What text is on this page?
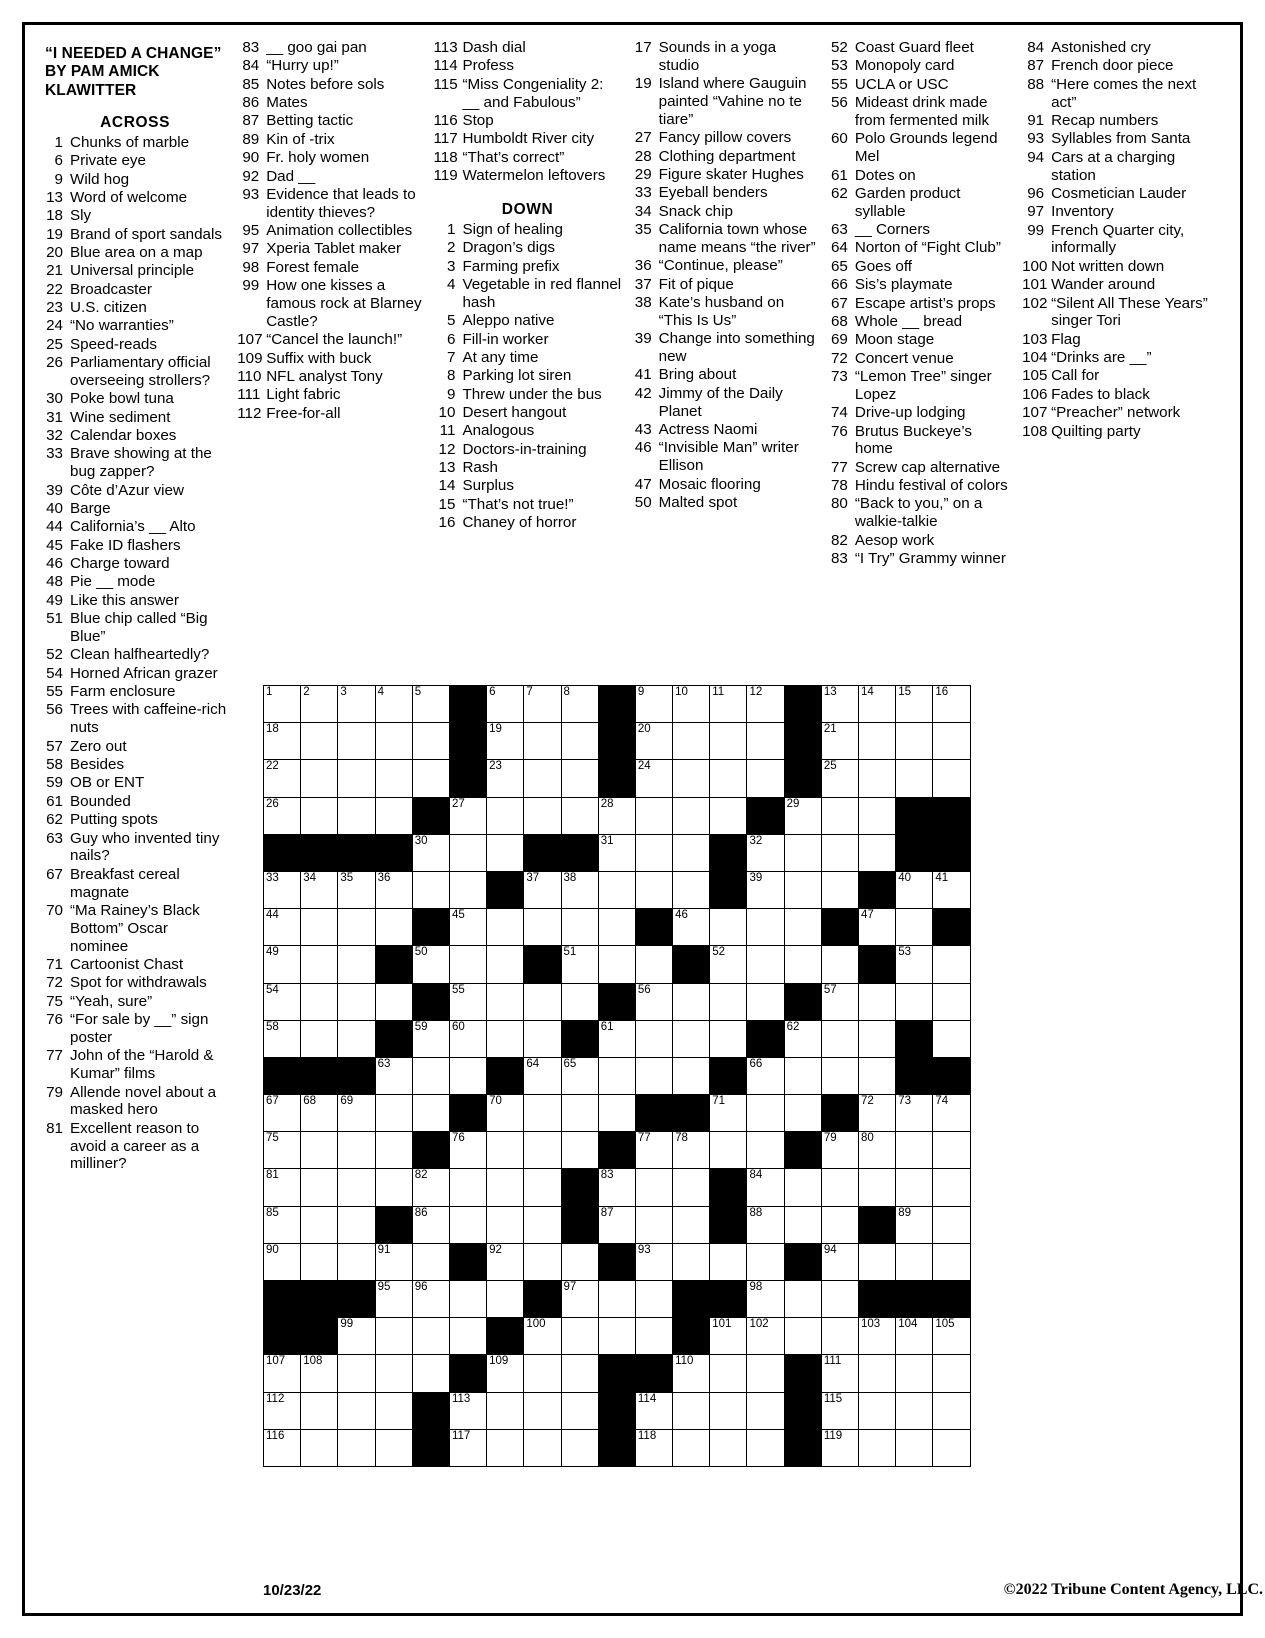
“I NEEDED A CHANGE” BY PAM AMICK KLAWITTER
ACROSS
1 Chunks of marble
6 Private eye
9 Wild hog
13 Word of welcome
18 Sly
19 Brand of sport sandals
20 Blue area on a map
21 Universal principle
22 Broadcaster
23 U.S. citizen
24 “No warranties”
25 Speed-reads
26 Parliamentary official overseeing strollers?
30 Poke bowl tuna
31 Wine sediment
32 Calendar boxes
33 Brave showing at the bug zapper?
39 Côte d’Azur view
40 Barge
44 California’s __ Alto
45 Fake ID flashers
46 Charge toward
48 Pie __ mode
49 Like this answer
51 Blue chip called “Big Blue”
52 Clean halfheartedly?
54 Horned African grazer
55 Farm enclosure
56 Trees with caffeine-rich nuts
57 Zero out
58 Besides
59 OB or ENT
61 Bounded
62 Putting spots
63 Guy who invented tiny nails?
67 Breakfast cereal magnate
70 “Ma Rainey’s Black Bottom” Oscar nominee
71 Cartoonist Chast
72 Spot for withdrawals
75 “Yeah, sure”
76 “For sale by __” sign poster
77 John of the “Harold & Kumar” films
79 Allende novel about a masked hero
81 Excellent reason to avoid a career as a milliner?
83 __ goo gai pan
84 “Hurry up!”
85 Notes before sols
86 Mates
87 Betting tactic
89 Kin of -trix
90 Fr. holy women
92 Dad __
93 Evidence that leads to identity thieves?
95 Animation collectibles
97 Xperia Tablet maker
98 Forest female
99 How one kisses a famous rock at Blarney Castle?
107 “Cancel the launch!”
109 Suffix with buck
110 NFL analyst Tony
111 Light fabric
112 Free-for-all
113 Dash dial
114 Profess
115 “Miss Congeniality 2: __ and Fabulous”
116 Stop
117 Humboldt River city
118 “That’s correct”
119 Watermelon leftovers
DOWN
1 Sign of healing
2 Dragon’s digs
3 Farming prefix
4 Vegetable in red flannel hash
5 Aleppo native
6 Fill-in worker
7 At any time
8 Parking lot siren
9 Threw under the bus
10 Desert hangout
11 Analogous
12 Doctors-in-training
13 Rash
14 Surplus
15 “That’s not true!”
16 Chaney of horror
17 Sounds in a yoga studio
19 Island where Gauguin painted “Vahine no te tiare”
27 Fancy pillow covers
28 Clothing department
29 Figure skater Hughes
33 Eyeball benders
34 Snack chip
35 California town whose name means “the river”
36 “Continue, please”
37 Fit of pique
38 Kate’s husband on “This Is Us”
39 Change into something new
41 Bring about
42 Jimmy of the Daily Planet
43 Actress Naomi
46 “Invisible Man” writer Ellison
47 Mosaic flooring
50 Malted spot
52 Coast Guard fleet
53 Monopoly card
55 UCLA or USC
56 Mideast drink made from fermented milk
60 Polo Grounds legend Mel
61 Dotes on
62 Garden product syllable
63 __ Corners
64 Norton of “Fight Club”
65 Goes off
66 Sis’s playmate
67 Escape artist’s props
68 Whole __ bread
69 Moon stage
72 Concert venue
73 “Lemon Tree” singer Lopez
74 Drive-up lodging
76 Brutus Buckeye’s home
77 Screw cap alternative
78 Hindu festival of colors
80 “Back to you,” on a walkie-talkie
82 Aesop work
83 “I Try” Grammy winner
84 Astonished cry
87 French door piece
88 “Here comes the next act”
91 Recap numbers
93 Syllables from Santa
94 Cars at a charging station
96 Cosmetician Lauder
97 Inventory
99 French Quarter city, informally
100 Not written down
101 Wander around
102 “Silent All These Years” singer Tori
103 Flag
104 “Drinks are __”
105 Call for
106 Fades to black
107 “Preacher” network
108 Quilting party
1	2	3	4	5		6	7	8		9	10	11	12		13	14	15	16

18						19				20					21			

22						23				24					25			

26					27				28					29				

				30					31				32					

33	34	35	36				37	38					39				40	41

44					45						46					47		

49				50				51				52					53	

54					55					56					57			

58				59	60				61					62				

			63				64	65					66					

67	68	69				70						71				72	73	74

75					76					77	78				79	80		

81				82					83				84					

85				86					87				88				89	

90			91			92				93					94			

			95	96				97					98					

		99					100					101	102			103	104	105

107	108					109					110				111			

112					113					114					115			

116					117					118					119			

10/23/22	©2022 Tribune Content Agency, LLC.
